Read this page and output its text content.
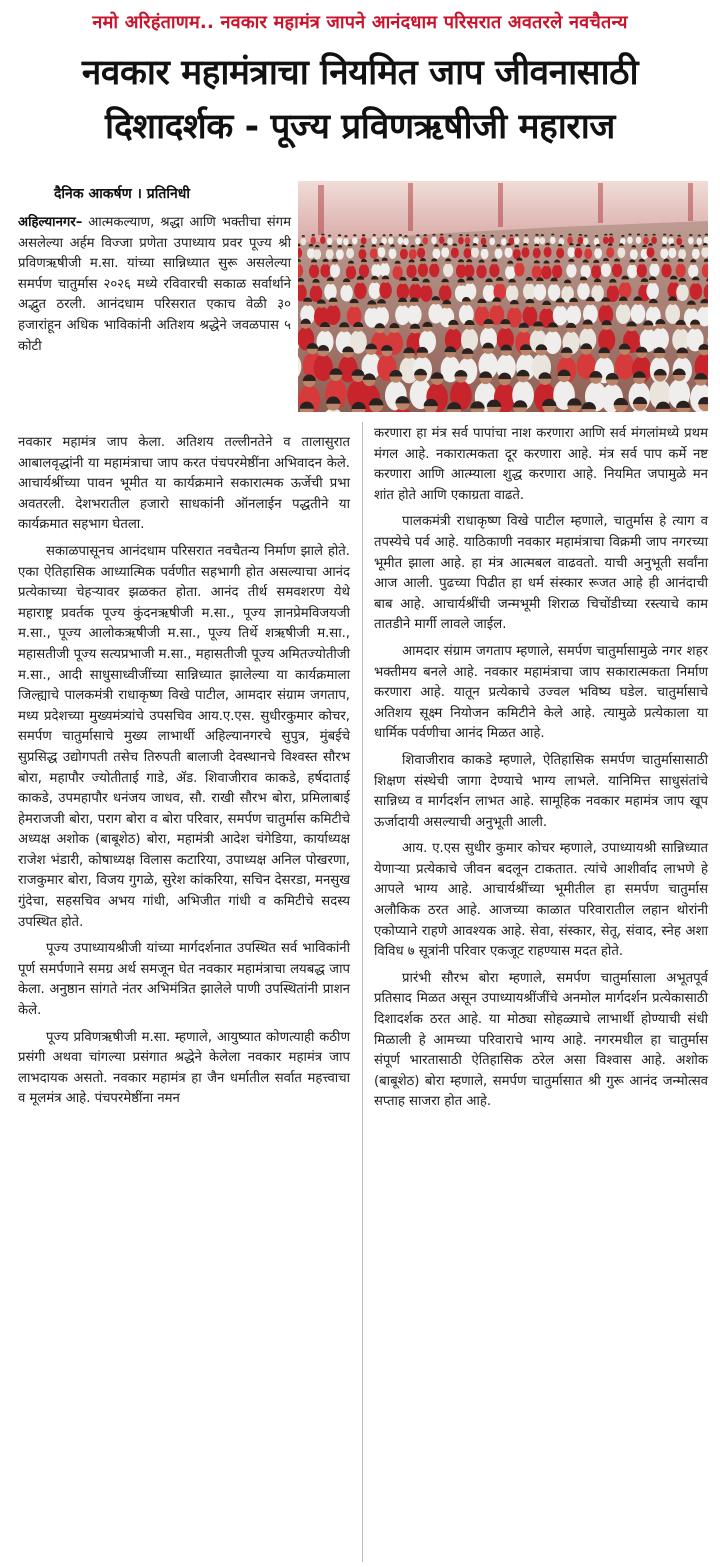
नमो अरिहंताणम.. नवकार महामंत्र जापने आनंदधाम परिसरात अवतरले नवचैतन्य
नवकार महामंत्राचा नियमित जाप जीवनासाठी
दिशादर्शक - पूज्य प्रविणऋषीजी महाराज
दैनिक आकर्षण । प्रतिनिधी

अहिल्यानगर– आत्मकल्याण, श्रद्धा आणि भक्तीचा संगम असलेल्या अर्हम विज्जा प्रणेता उपाध्याय प्रवर पूज्य श्री प्रविणऋषीजी म.सा. यांच्या सान्निध्यात सुरू असलेल्या समर्पण चातुर्मास २०२६ मध्ये रविवारची सकाळ सर्वार्थाने अद्भुत ठरली. आनंदधाम परिसरात एकाच वेळी ३० हजारांहून अधिक भाविकांनी अतिशय श्रद्धेने जवळपास ५ कोटी

नवकार महामंत्र जाप केला. अतिशय तल्लीनतेने व तालासुरात आबालवृद्धांनी या महामंत्राचा जाप करत पंचपरमेष्ठींना अभिवादन केले. आचार्यश्रींच्या पावन भूमीत या कार्यक्रमाने सकारात्मक ऊर्जेची प्रभा अवतरली. देशभरातील हजारो साधकांनी ऑनलाईन पद्धतीने या कार्यक्रमात सहभाग घेतला.

सकाळपासूनच आनंदधाम परिसरात नवचैतन्य निर्माण झाले होते. एका ऐतिहासिक आध्यात्मिक पर्वणीत सहभागी होत असल्याचा आनंद प्रत्येकाच्या चेहऱ्यावर झळकत होता. आनंद तीर्थ समवशरण येथे महाराष्ट्र प्रवर्तक पूज्य कुंदनऋषीजी म.सा., पूज्य ज्ञानप्रेमविजयजी म.सा., पूज्य आलोकऋषीजी म.सा., पूज्य तिर्थे शऋषीजी म.सा., महासतीजी पूज्य सत्यप्रभाजी म.सा., महासतीजी पूज्य अमितज्योतीजी म.सा., आदी साधुसाध्वीजींच्या सान्निध्यात झालेल्या या कार्यक्रमाला जिल्ह्याचे पालकमंत्री राधाकृष्ण विखे पाटील, आमदार संग्राम जगताप, मध्य प्रदेशच्या मुख्यमंत्र्यांचे उपसचिव आय.ए.एस. सुधीरकुमार कोचर, समर्पण चातुर्मासाचे मुख्य लाभार्थी अहिल्यानगरचे सुपुत्र, मुंबईचे सुप्रसिद्ध उद्योगपती तसेच तिरुपती बालाजी देवस्थानचे विश्वस्त सौरभ बोरा, महापौर ज्योतीताई गाडे, ॲड. शिवाजीराव काकडे, हर्षदाताई काकडे, उपमहापौर धनंजय जाधव, सौ. राखी सौरभ बोरा, प्रमिलाबाई हेमराजजी बोरा, पराग बोरा व बोरा परिवार, समर्पण चातुर्मास कमिटीचे अध्यक्ष अशोक (बाबूशेठ) बोरा, महामंत्री आदेश चंगेडिया, कार्याध्यक्ष राजेश भंडारी, कोषाध्यक्ष विलास कटारिया, उपाध्यक्ष अनिल पोखरणा, राजकुमार बोरा, विजय गुगळे, सुरेश कांकरिया, सचिन देसरडा, मनसुख गुंदेचा, सहसचिव अभय गांधी, अभिजीत गांधी व कमिटीचे सदस्य उपस्थित होते.

पूज्य उपाध्यायश्रीजी यांच्या मार्गदर्शनात उपस्थित सर्व भाविकांनी पूर्ण समर्पणाने समग्र अर्थ समजून घेत नवकार महामंत्राचा लयबद्ध जाप केला. अनुष्ठान सांगते नंतर अभिमंत्रित झालेले पाणी उपस्थितांनी प्राशन केले.

पूज्य प्रविणऋषीजी म.सा. म्हणाले, आयुष्यात कोणत्याही कठीण प्रसंगी अथवा चांगल्या प्रसंगात श्रद्धेने केलेला नवकार महामंत्र जाप लाभदायक असतो. नवकार महामंत्र हा जैन धर्मातील सर्वात महत्त्वाचा व मूलमंत्र आहे. पंचपरमेष्ठींना नमन

करणारा हा मंत्र सर्व पापांचा नाश करणारा आणि सर्व मंगलांमध्ये प्रथम मंगल आहे. नकारात्मकता दूर करणारा आहे. मंत्र सर्व पाप कर्मे नष्ट करणारा आणि आत्म्याला शुद्ध करणारा आहे. नियमित जपामुळे मन शांत होते आणि एकाग्रता वाढते.

पालकमंत्री राधाकृष्ण विखे पाटील म्हणाले, चातुर्मास हे त्याग व तपस्येचे पर्व आहे. याठिकाणी नवकार महामंत्राचा विक्रमी जाप नगरच्या भूमीत झाला आहे. हा मंत्र आत्मबल वाढवतो. याची अनुभूती सर्वांना आज आली. पुढच्या पिढीत हा धर्म संस्कार रूजत आहे ही आनंदाची बाब आहे. आचार्यश्रींची जन्मभूमी शिराळ चिचोंडीच्या रस्त्याचे काम तातडीने मार्गी लावले जाईल.

आमदार संग्राम जगताप म्हणाले, समर्पण चातुर्मासामुळे नगर शहर भक्तीमय बनले आहे. नवकार महामंत्राचा जाप सकारात्मकता निर्माण करणारा आहे. यातून प्रत्येकाचे उज्वल भविष्य घडेल. चातुर्मासाचे अतिशय सूक्ष्म नियोजन कमिटीने केले आहे. त्यामुळे प्रत्येकाला या धार्मिक पर्वणीचा आनंद मिळत आहे.

शिवाजीराव काकडे म्हणाले, ऐतिहासिक समर्पण चातुर्मासासाठी शिक्षण संस्थेची जागा देण्याचे भाग्य लाभले. यानिमित्त साधुसंतांचे सान्निध्य व मार्गदर्शन लाभत आहे. सामूहिक नवकार महामंत्र जाप खूप ऊर्जादायी असल्याची अनुभूती आली.

आय. ए.एस सुधीर कुमार कोचर म्हणाले, उपाध्यायश्री सान्निध्यात येणाऱ्या प्रत्येकाचे जीवन बदलून टाकतात. त्यांचे आशीर्वाद लाभणे हे आपले भाग्य आहे. आचार्यश्रींच्या भूमीतील हा समर्पण चातुर्मास अलौकिक ठरत आहे. आजच्या काळात परिवारातील लहान थोरांनी एकोप्याने राहणे आवश्यक आहे. सेवा, संस्कार, सेतू, संवाद, स्नेह अशा विविध ७ सूत्रांनी परिवार एकजूट राहण्यास मदत होते.

प्रारंभी सौरभ बोरा म्हणाले, समर्पण चातुर्मासाला अभूतपूर्व प्रतिसाद मिळत असून उपाध्यायश्रींजींचे अनमोल मार्गदर्शन प्रत्येकासाठी दिशादर्शक ठरत आहे. या मोठ्या सोहळ्याचे लाभार्थी होण्याची संधी मिळाली हे आमच्या परिवाराचे भाग्य आहे. नगरमधील हा चातुर्मास संपूर्ण भारतासाठी ऐतिहासिक ठरेल असा विश्वास आहे. अशोक (बाबूशेठ) बोरा म्हणाले, समर्पण चातुर्मासात श्री गुरू आनंद जन्मोत्सव सप्ताह साजरा होत आहे.
